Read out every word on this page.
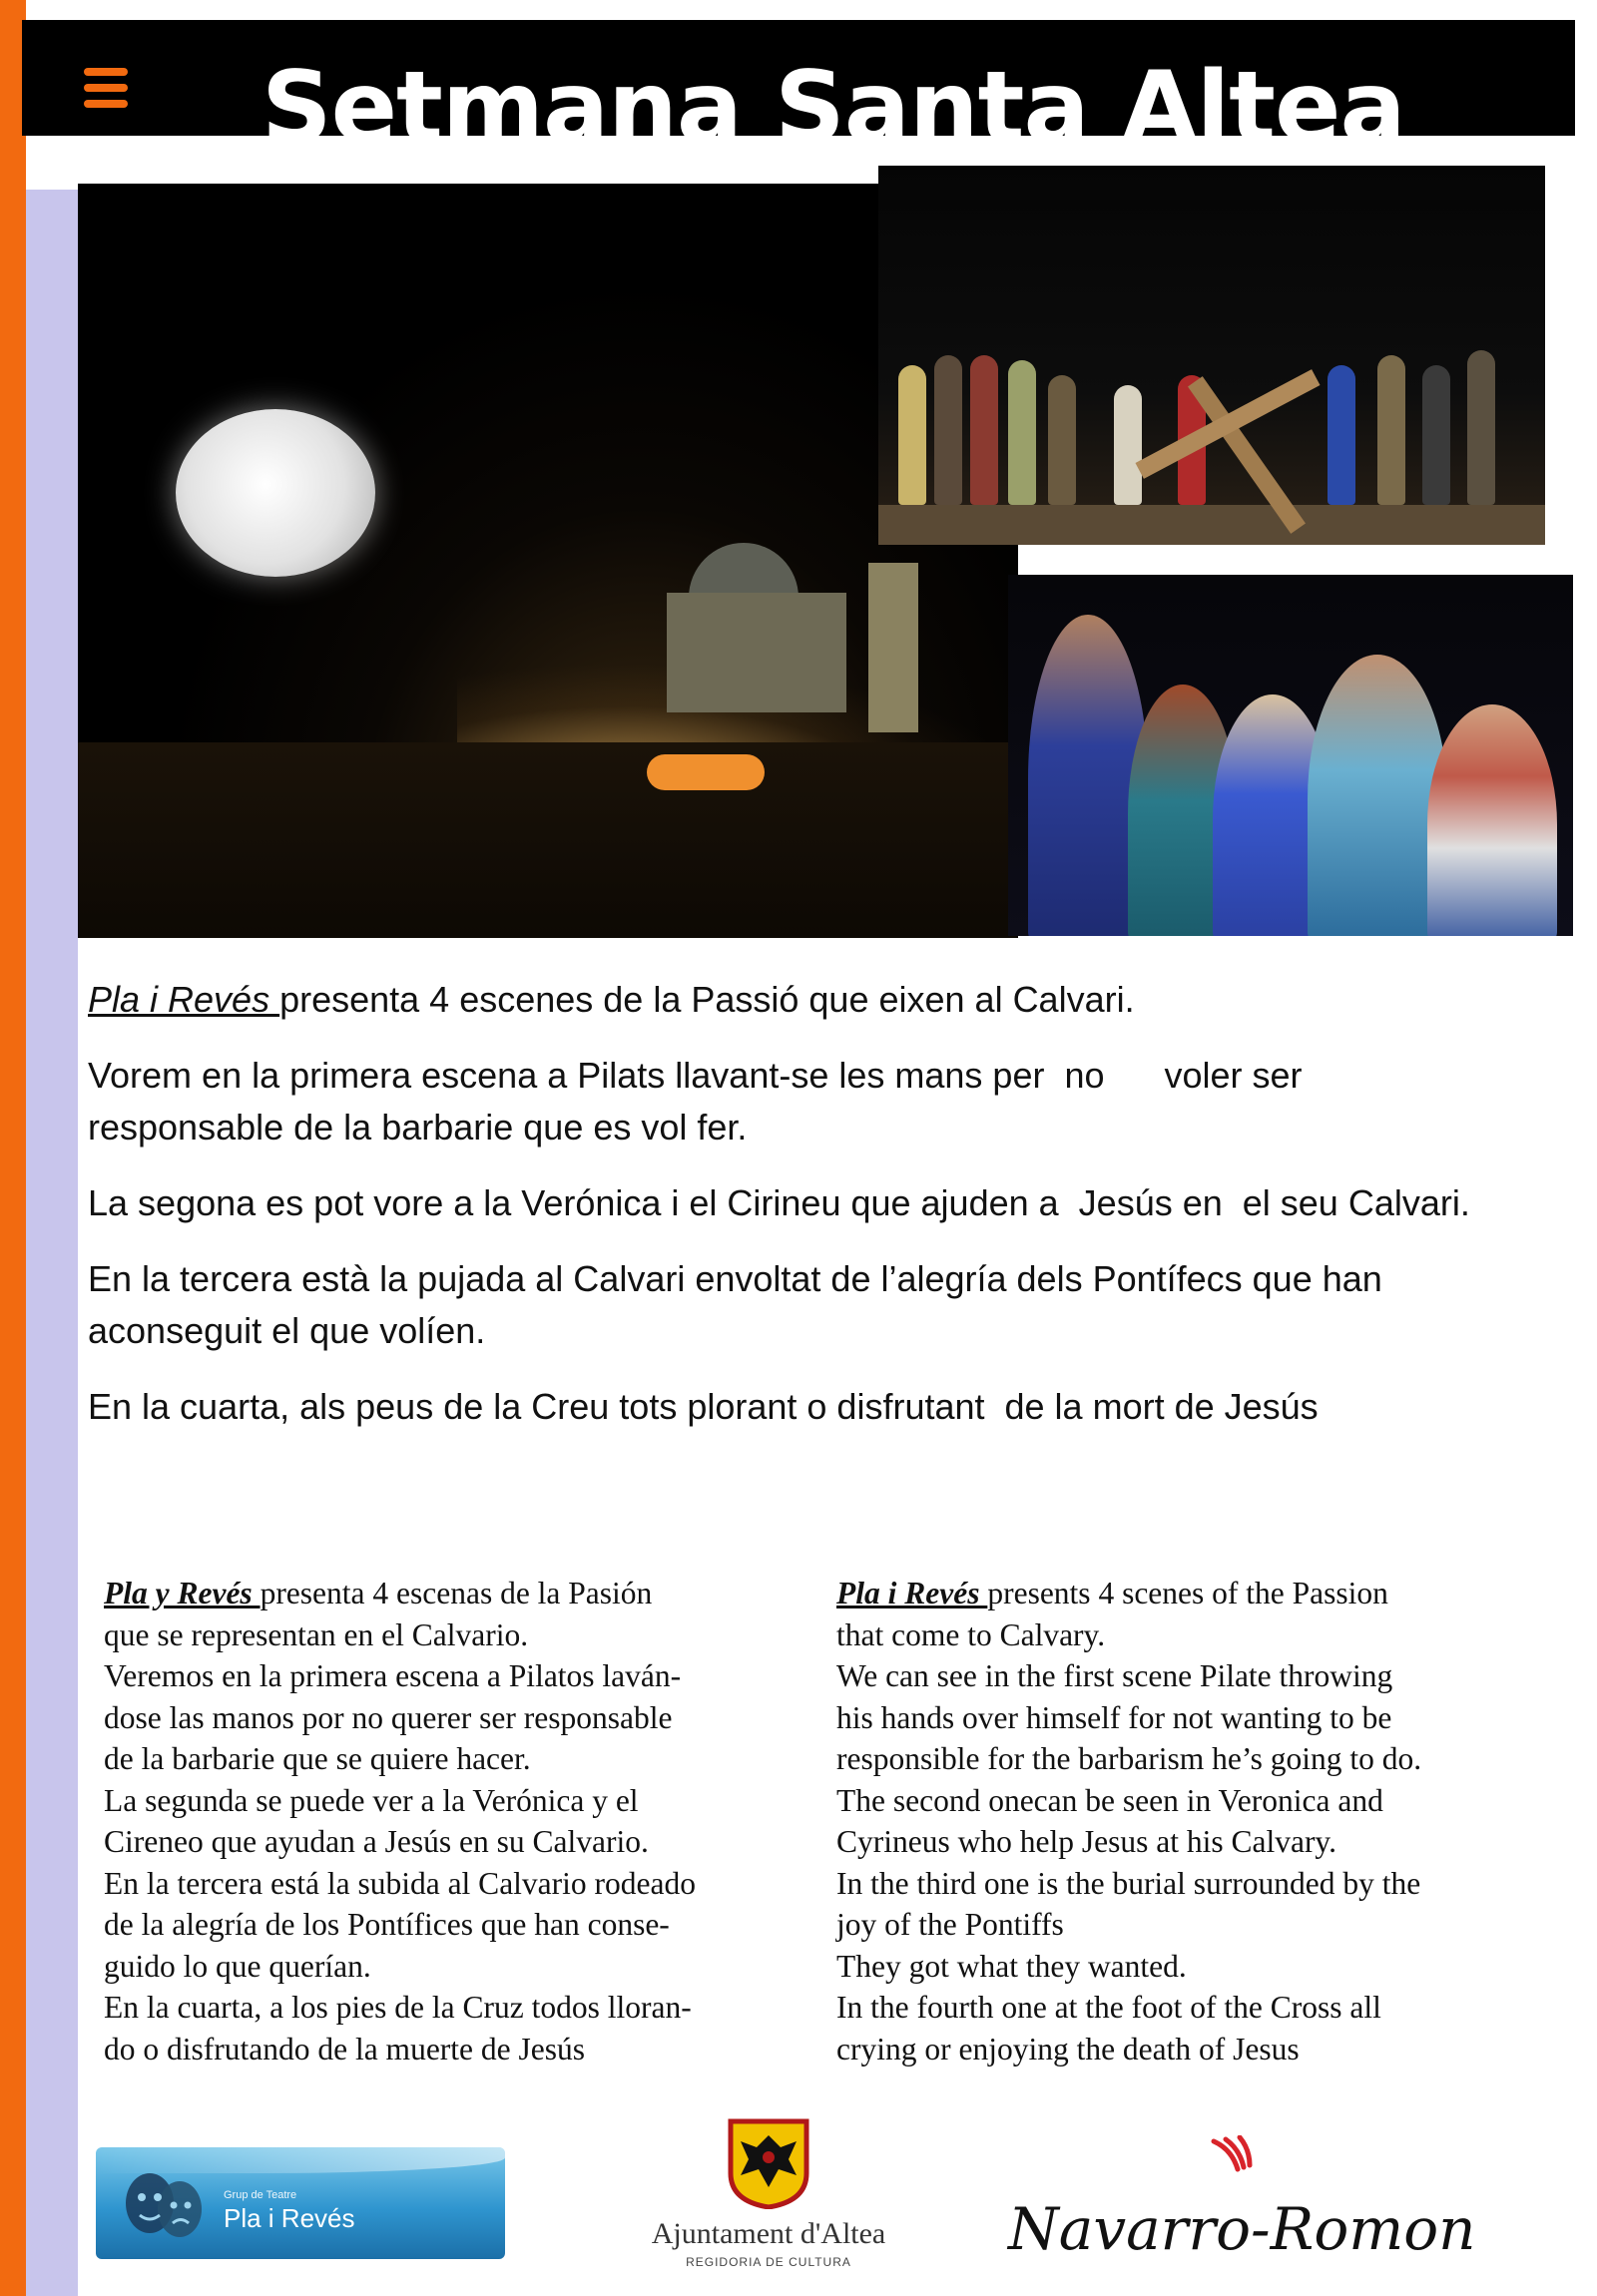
Setmana Santa Altea

Pla i Revés presenta 4 escenes de la Passió que eixen al Calvari.

Vorem en la primera escena a Pilats llavant-se les mans per  no      voler ser responsable de la barbarie que es vol fer.

La segona es pot vore a la Verónica i el Cirineu que ajuden a  Jesús en  el seu Calvari.

En la tercera està la pujada al Calvari envoltat de l’alegría dels Pontífecs que han aconseguit el que volíen.

En la cuarta, als peus de la Creu tots plorant o disfrutant  de la mort de Jesús

Pla y Revés presenta 4 escenas de la Pasión

que se representan en el Calvario.

Veremos en la primera escena a Pilatos laván-

dose las manos por no querer ser responsable

de la barbarie que se quiere hacer.

La segunda se puede ver a la Verónica y el

Cireneo que ayudan a Jesús en su Calvario.

En la tercera está la subida al Calvario rodeado

de la alegría de los Pontífices que han conse-

guido lo que querían.

En la cuarta, a los pies de la Cruz todos lloran-

do o disfrutando de la muerte de Jesús

Pla i Revés presents 4 scenes of the Passion

that come to Calvary.

We can see in the first scene Pilate throwing

his hands over himself for not wanting to be

responsible for the barbarism he’s going to do.

The second onecan be seen in Veronica and

Cyrineus who help Jesus at his Calvary.

In the third one is the burial surrounded by the

joy of the Pontiffs

They got what they wanted.

In the fourth one at the foot of the Cross all

crying or enjoying the death of Jesus

Grup de Teatre
Pla i Revés	Ajuntament d'Altea
REGIDORIA DE CULTURA	Navarro-Romon
